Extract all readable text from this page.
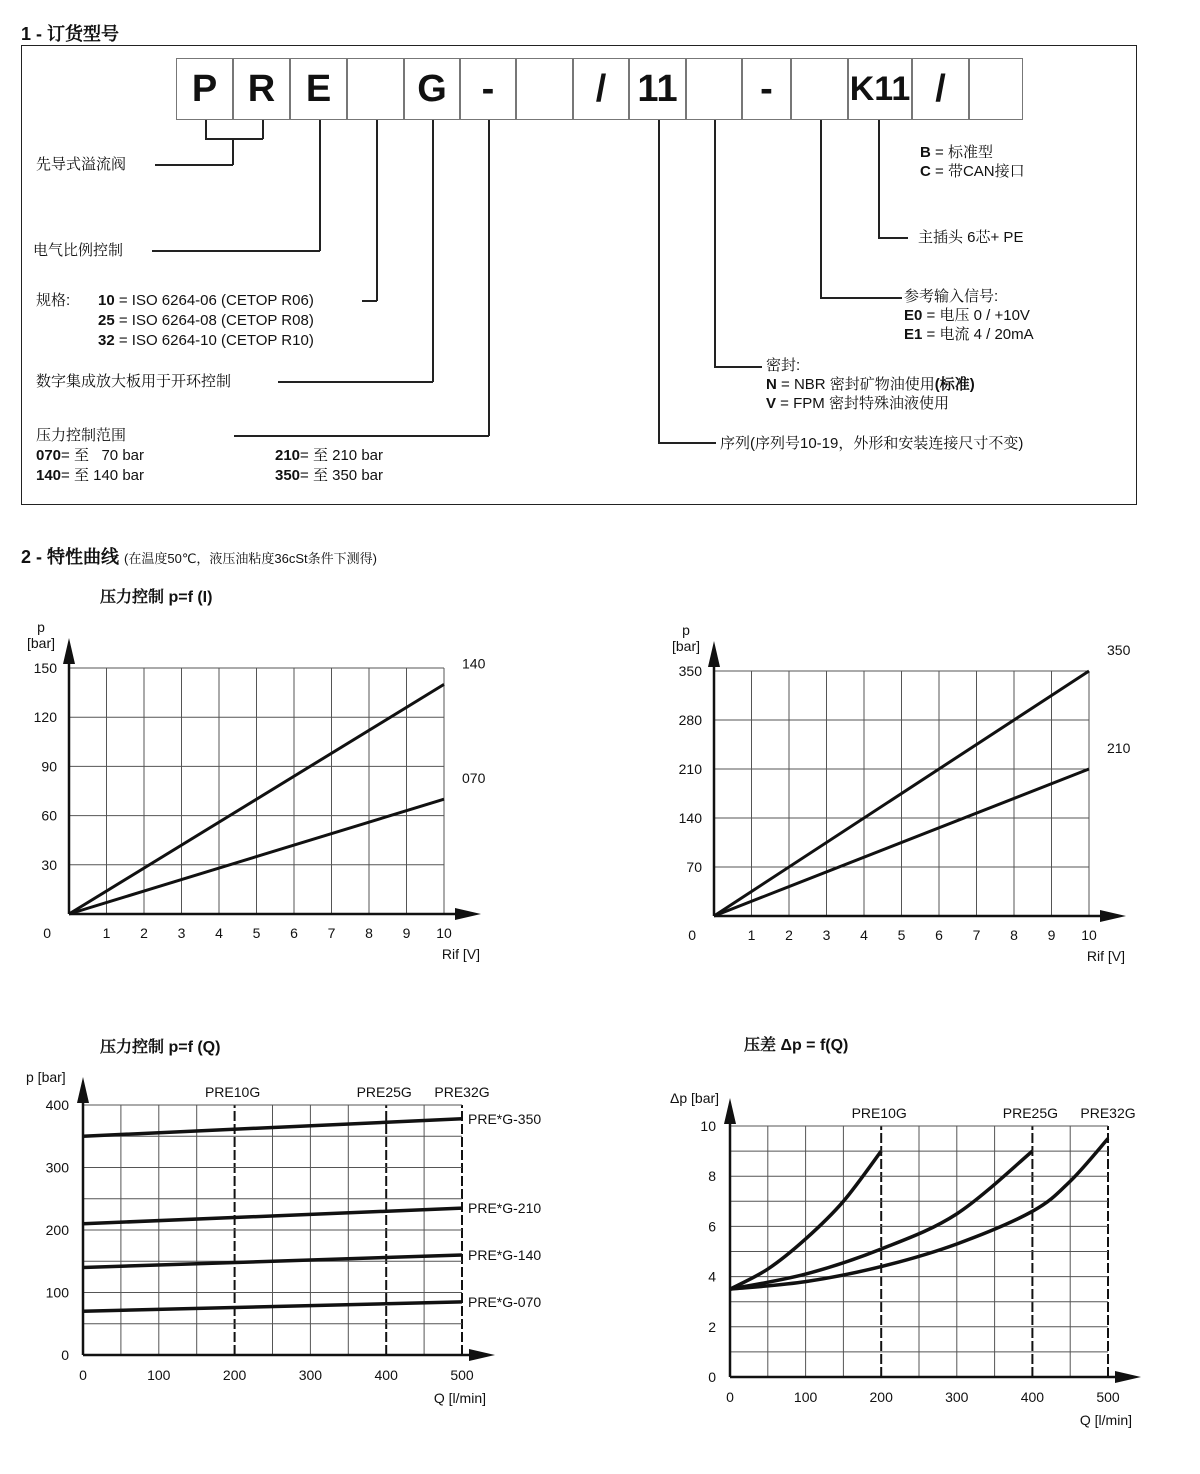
1 - 订货型号
P R E	G -	/ 11	-	K11 /
先导式溢流阀
电气比例控制
规格: 10 = ISO 6264-06 (CETOP R06)
25 = ISO 6264-08 (CETOP R08)
32 = ISO 6264-10 (CETOP R10)
数字集成放大板用于开环控制
压力控制范围
070= 至   70 bar
140= 至 140 bar
210= 至 210 bar
350= 至 350 bar
B = 标准型
C = 带CAN接口
主插头 6芯+ PE
参考输入信号:
E0 = 电压 0 / +10V
E1 = 电流 4 / 20mA
密封:
N = NBR 密封矿物油使用(标准)
V = FPM 密封特殊油液使用
序列(序列号10-19，外形和安装连接尺寸不变)
2 - 特性曲线 (在温度50℃，液压油粘度36cSt条件下测得)
1 2 3 4 5 6 7 8 9 10
30
60
90
120
150
0
Rif [V]
p
[bar]
140
070
压力控制 p=f (I)
1 2 3 4 5 6 7 8 9 10
70
140
210
280
350
0
Rif [V]
p
[bar]	350
210
0	100	200	300	400	500
0
100
200
300
400
Q [l/min]
p [bar]
PRE10G	PRE25G PRE32G
PRE*G-350
PRE*G-210
PRE*G-140
PRE*G-070
压力控制 p=f (Q)
0	100	200	300	400	500
0
2
4
6
8
10
Q [l/min]
Δp [bar]
PRE10G	PRE25G PRE32G
压差 Δp = f(Q)
